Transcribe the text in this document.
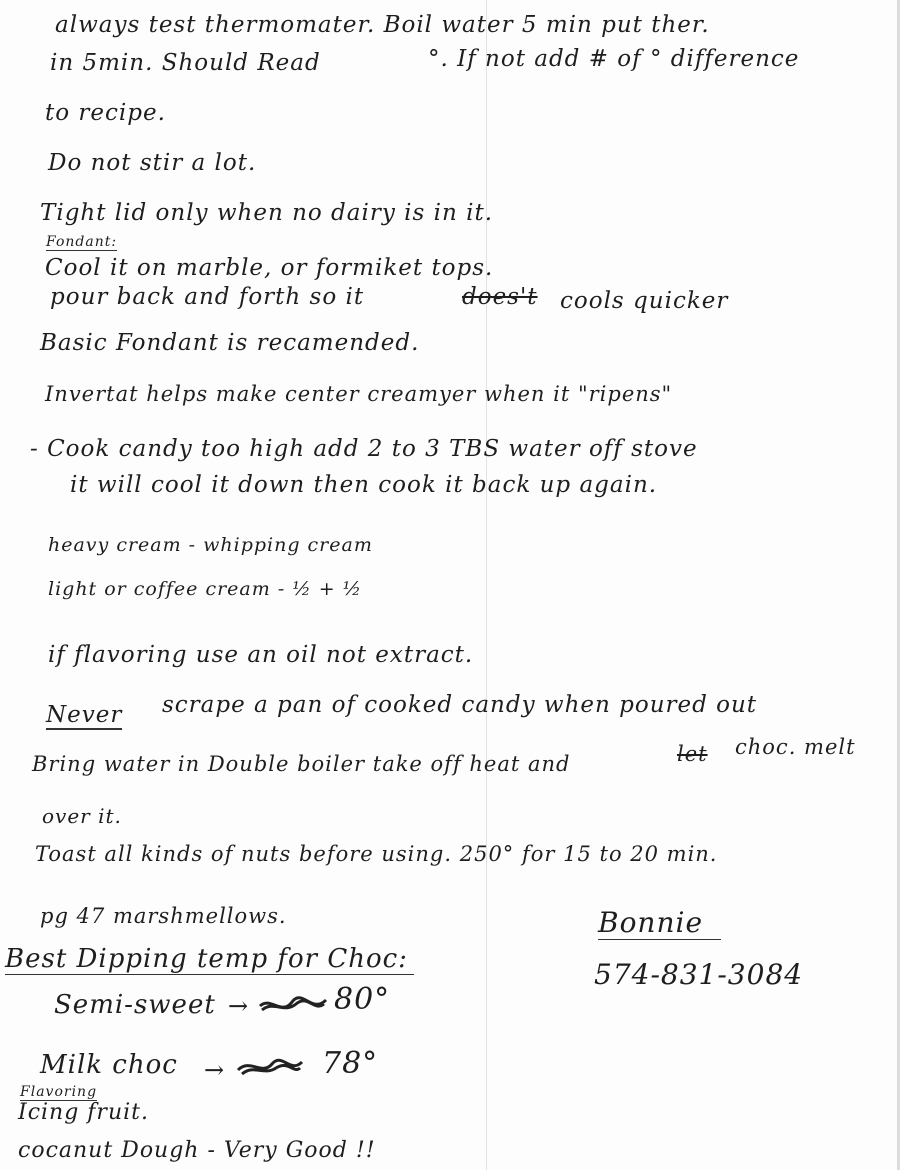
always test thermomater. Boil water 5 min put ther.
in 5min. Should Read	°. If not add # of ° difference
to recipe.
Do not stir a lot.
Tight lid only when no dairy is in it.
Fondant:
Cool it on marble, or formiket tops.
pour back and forth so it	does't cools quicker
Basic Fondant is recamended.
Invertat helps make center creamyer when it "ripens"
- Cook candy too high add 2 to 3 TBS water off stove
it will cool it down then cook it back up again.
heavy cream - whipping cream
light or coffee cream - ½ + ½
if flavoring use an oil not extract.
Never scrape a pan of cooked candy when poured out
Bring water in Double boiler take off heat and	let choc. melt
over it.
Toast all kinds of nuts before using. 250° for 15 to 20 min.
pg 47 marshmellows.
Best Dipping temp for Choc:
Semi-sweet →	80°
Milk choc →	78°
Flavoring
Icing fruit.
cocanut Dough - Very Good !!
Bonnie
574-831-3084
